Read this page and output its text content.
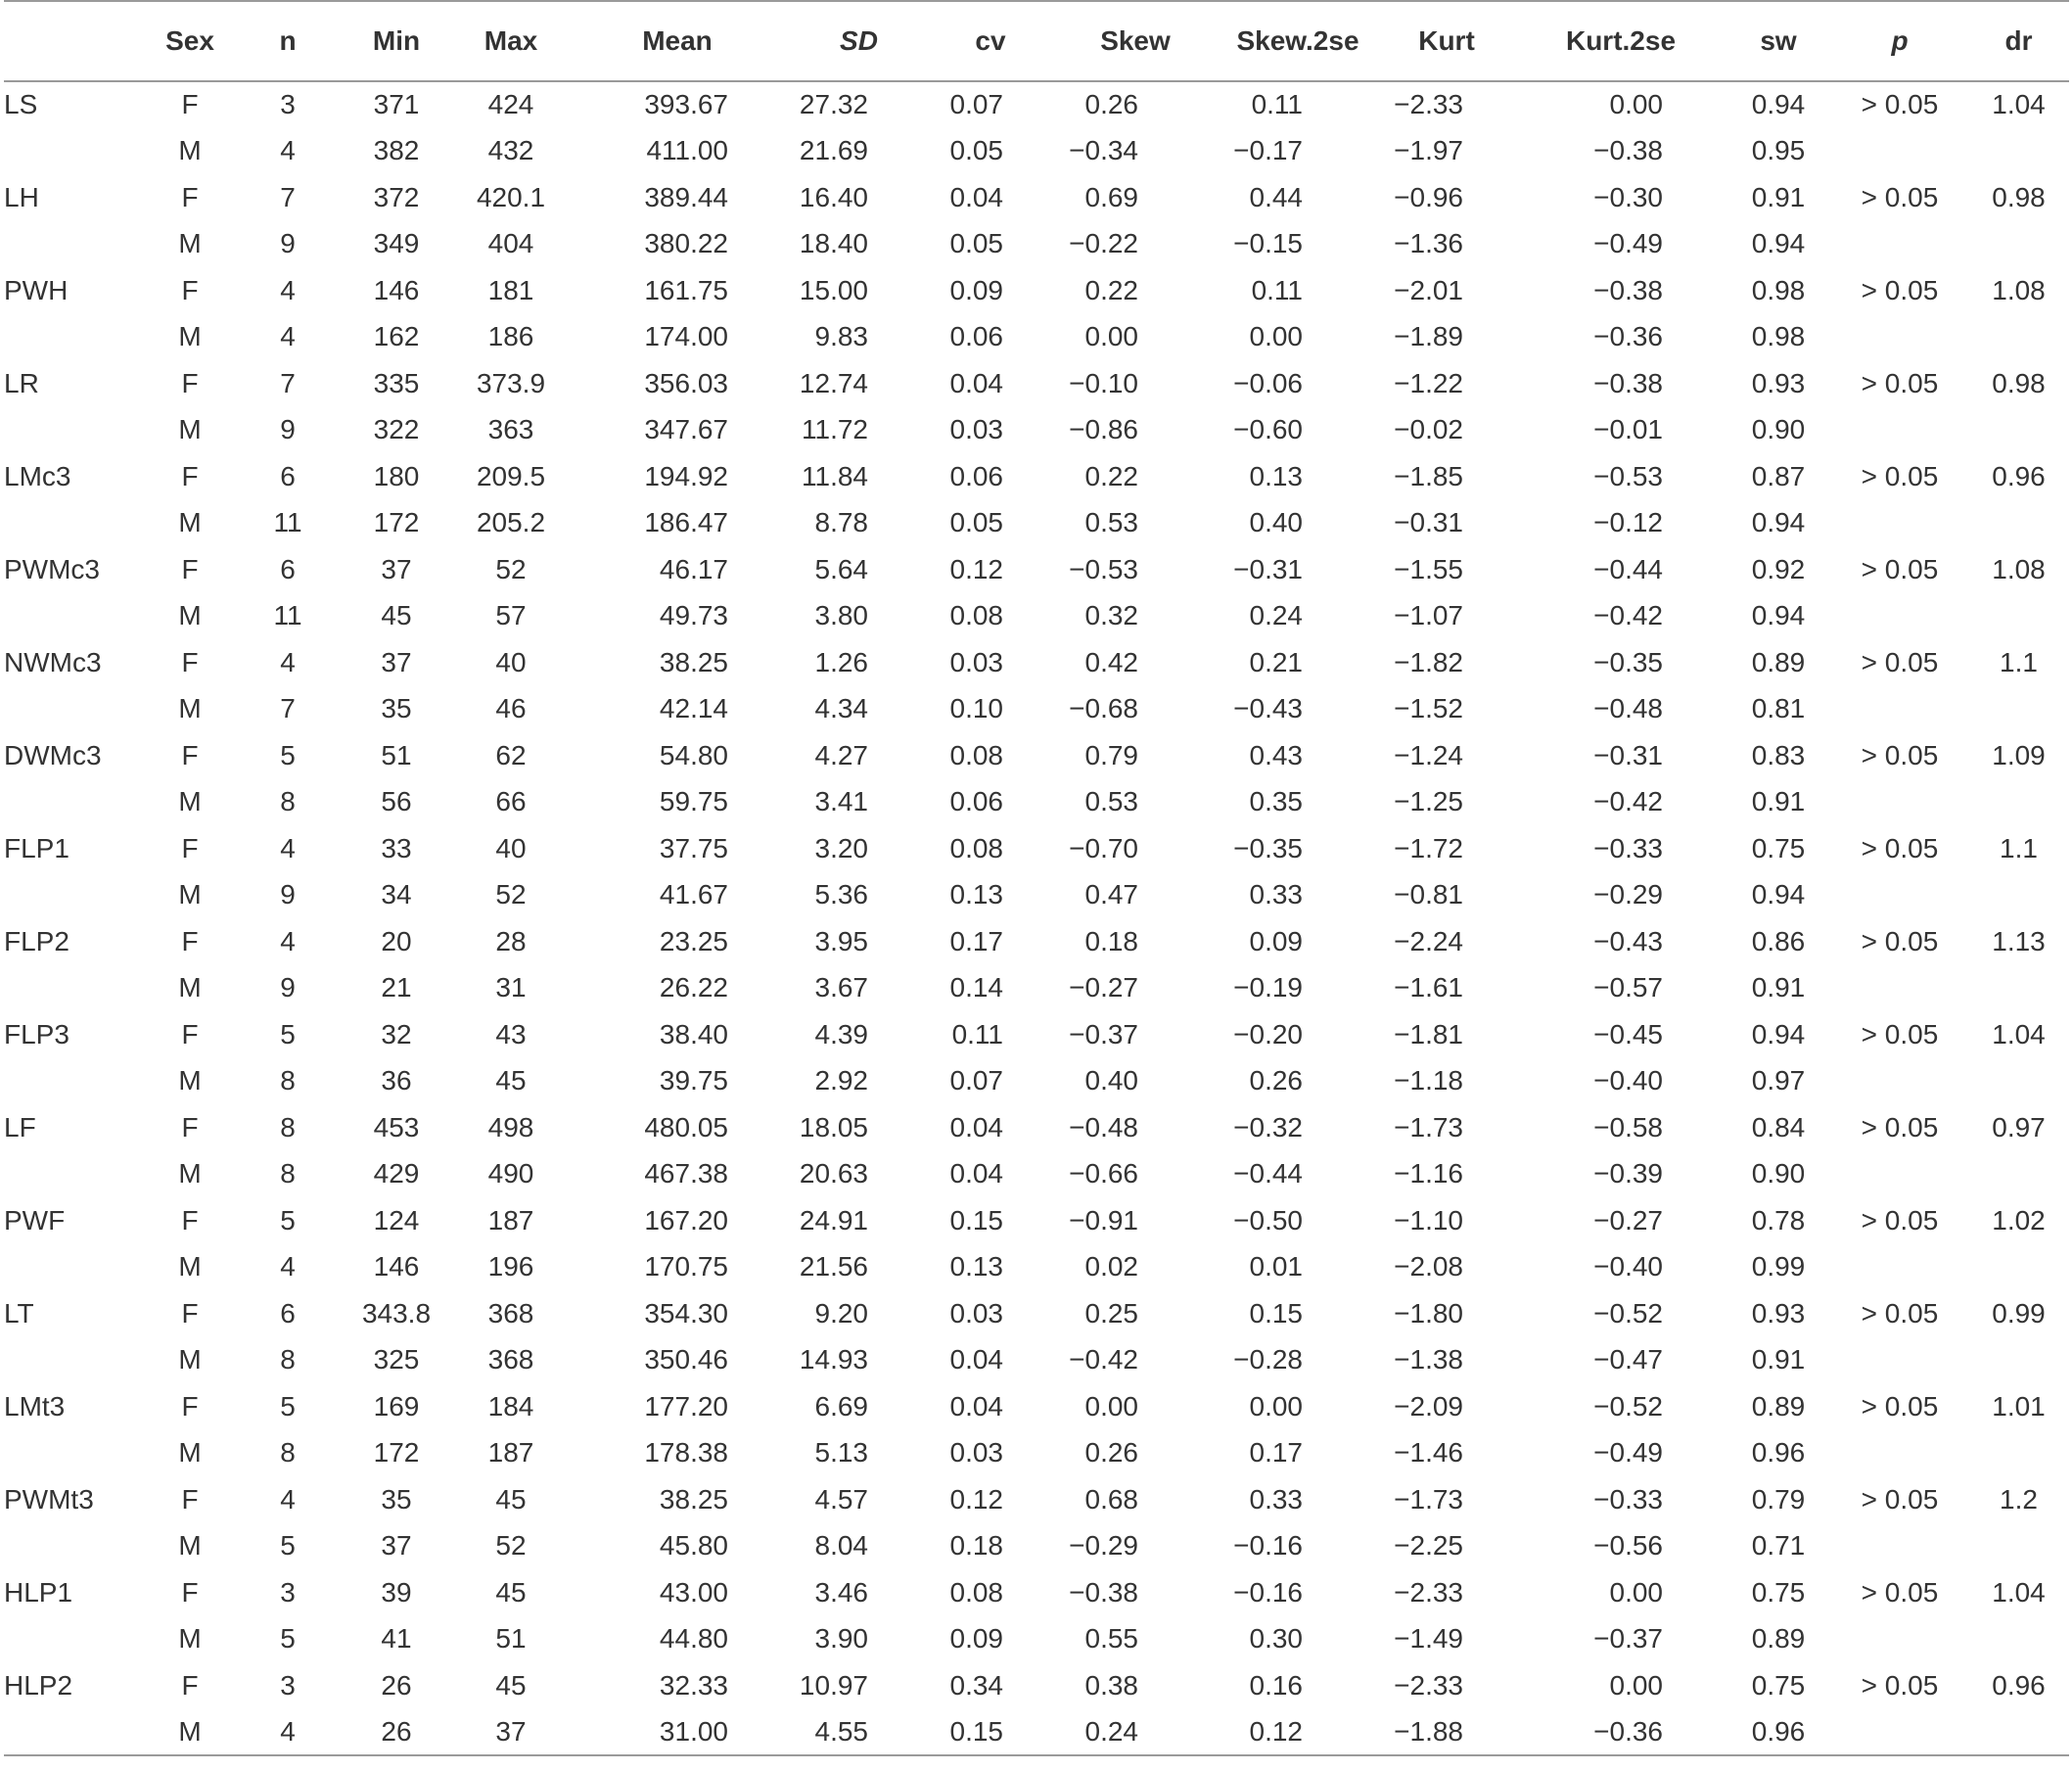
	Sex	n	Min	Max	Mean	SD	cv	Skew	Skew.2se	Kurt	Kurt.2se	sw	p	dr
LS	F	3	371	424	393.67	27.32	0.07	0.26	0.11	−2.33	0.00	0.94	> 0.05	1.04
	M	4	382	432	411.00	21.69	0.05	−0.34	−0.17	−1.97	−0.38	0.95		
LH	F	7	372	420.1	389.44	16.40	0.04	0.69	0.44	−0.96	−0.30	0.91	> 0.05	0.98
	M	9	349	404	380.22	18.40	0.05	−0.22	−0.15	−1.36	−0.49	0.94		
PWH	F	4	146	181	161.75	15.00	0.09	0.22	0.11	−2.01	−0.38	0.98	> 0.05	1.08
	M	4	162	186	174.00	9.83	0.06	0.00	0.00	−1.89	−0.36	0.98		
LR	F	7	335	373.9	356.03	12.74	0.04	−0.10	−0.06	−1.22	−0.38	0.93	> 0.05	0.98
	M	9	322	363	347.67	11.72	0.03	−0.86	−0.60	−0.02	−0.01	0.90		
LMc3	F	6	180	209.5	194.92	11.84	0.06	0.22	0.13	−1.85	−0.53	0.87	> 0.05	0.96
	M	11	172	205.2	186.47	8.78	0.05	0.53	0.40	−0.31	−0.12	0.94		
PWMc3	F	6	37	52	46.17	5.64	0.12	−0.53	−0.31	−1.55	−0.44	0.92	> 0.05	1.08
	M	11	45	57	49.73	3.80	0.08	0.32	0.24	−1.07	−0.42	0.94		
NWMc3	F	4	37	40	38.25	1.26	0.03	0.42	0.21	−1.82	−0.35	0.89	> 0.05	1.1
	M	7	35	46	42.14	4.34	0.10	−0.68	−0.43	−1.52	−0.48	0.81		
DWMc3	F	5	51	62	54.80	4.27	0.08	0.79	0.43	−1.24	−0.31	0.83	> 0.05	1.09
	M	8	56	66	59.75	3.41	0.06	0.53	0.35	−1.25	−0.42	0.91		
FLP1	F	4	33	40	37.75	3.20	0.08	−0.70	−0.35	−1.72	−0.33	0.75	> 0.05	1.1
	M	9	34	52	41.67	5.36	0.13	0.47	0.33	−0.81	−0.29	0.94		
FLP2	F	4	20	28	23.25	3.95	0.17	0.18	0.09	−2.24	−0.43	0.86	> 0.05	1.13
	M	9	21	31	26.22	3.67	0.14	−0.27	−0.19	−1.61	−0.57	0.91		
FLP3	F	5	32	43	38.40	4.39	0.11	−0.37	−0.20	−1.81	−0.45	0.94	> 0.05	1.04
	M	8	36	45	39.75	2.92	0.07	0.40	0.26	−1.18	−0.40	0.97		
LF	F	8	453	498	480.05	18.05	0.04	−0.48	−0.32	−1.73	−0.58	0.84	> 0.05	0.97
	M	8	429	490	467.38	20.63	0.04	−0.66	−0.44	−1.16	−0.39	0.90		
PWF	F	5	124	187	167.20	24.91	0.15	−0.91	−0.50	−1.10	−0.27	0.78	> 0.05	1.02
	M	4	146	196	170.75	21.56	0.13	0.02	0.01	−2.08	−0.40	0.99		
LT	F	6	343.8	368	354.30	9.20	0.03	0.25	0.15	−1.80	−0.52	0.93	> 0.05	0.99
	M	8	325	368	350.46	14.93	0.04	−0.42	−0.28	−1.38	−0.47	0.91		
LMt3	F	5	169	184	177.20	6.69	0.04	0.00	0.00	−2.09	−0.52	0.89	> 0.05	1.01
	M	8	172	187	178.38	5.13	0.03	0.26	0.17	−1.46	−0.49	0.96		
PWMt3	F	4	35	45	38.25	4.57	0.12	0.68	0.33	−1.73	−0.33	0.79	> 0.05	1.2
	M	5	37	52	45.80	8.04	0.18	−0.29	−0.16	−2.25	−0.56	0.71		
HLP1	F	3	39	45	43.00	3.46	0.08	−0.38	−0.16	−2.33	0.00	0.75	> 0.05	1.04
	M	5	41	51	44.80	3.90	0.09	0.55	0.30	−1.49	−0.37	0.89		
HLP2	F	3	26	45	32.33	10.97	0.34	0.38	0.16	−2.33	0.00	0.75	> 0.05	0.96
	M	4	26	37	31.00	4.55	0.15	0.24	0.12	−1.88	−0.36	0.96		
